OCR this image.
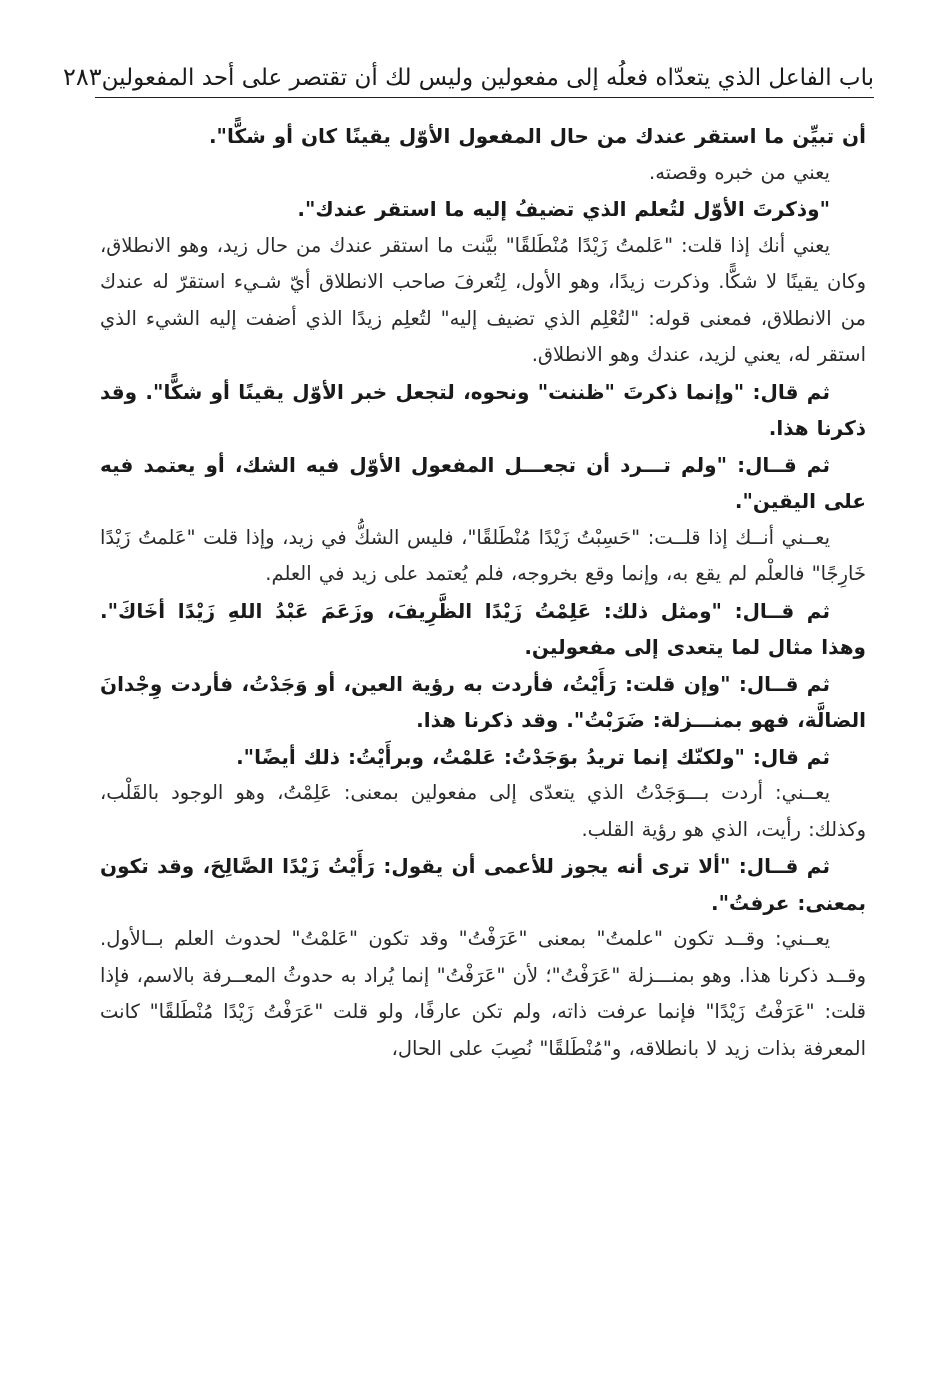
باب الفاعل الذي يتعدّاه فعلُه إلى مفعولين وليس لك أن تقتصر على أحد المفعولين
٢٨٣

أن تبيِّن ما استقر عندك من حال المفعول الأوّل يقينًا كان أو شكًّا".

يعني من خبره وقصته.

"وذكرتَ الأوّل لتُعلم الذي تضيفُ إليه ما استقر عندك".

يعني أنك إذا قلت: "عَلمتُ زَيْدًا مُنْطَلقًا" بيَّنت ما استقر عندك من حال زيد، وهو الانطلاق، وكان يقينًا لا شكًّا. وذكرت زيدًا، وهو الأول، لِتُعرفَ صاحب الانطلاق أيّ شـيء استقرّ له عندك من الانطلاق، فمعنى قوله: "لتُعْلِم الذي تضيف إليه" لتُعلِم زيدًا الذي أضفت إليه الشيء الذي استقر له، يعني لزيد، عندك وهو الانطلاق.

ثم قال: "وإنما ذكرتَ "ظننت" ونحوه، لتجعل خبر الأوّل يقينًا أو شكًّا". وقد ذكرنا هذا.

ثم قــال: "ولم تـــرد أن تجعـــل المفعول الأوّل فيه الشك، أو يعتمد فيه على اليقين".

يعــني أنــك إذا قلــت: "حَسِبْتُ زَيْدًا مُنْطَلقًا"، فليس الشكُّ في زيد، وإذا قلت "عَلمتُ زَيْدًا خَارِجًا" فالعلْم لم يقع به، وإنما وقع بخروجه، فلم يُعتمد على زيد في العلم.

ثم قــال: "ومثل ذلك: عَلِمْتُ زَيْدًا الظَّرِيفَ، وزَعَمَ عَبْدُ اللهِ زَيْدًا أخَاكَ". وهذا مثال لما يتعدى إلى مفعولين.

ثم قــال: "وإن قلت: رَأَيْتُ، فأردت به رؤية العين، أو وَجَدْتُ، فأردت وِجْدانَ الضالَّة، فهو بمنـــزلة: ضَرَبْتُ". وقد ذكرنا هذا.

ثم قال: "ولكنّك إنما تريدُ بوَجَدْتُ: عَلمْتُ، وبرأَيْتُ: ذلك أيضًا".

يعــني: أردت بـــوَجَدْتُ الذي يتعدّى إلى مفعولين بمعنى: عَلِمْتُ، وهو الوجود بالقَلْب، وكذلك: رأيت، الذي هو رؤية القلب.

ثم قــال: "ألا ترى أنه يجوز للأعمى أن يقول: رَأَيْتُ زَيْدًا الصَّالِحَ، وقد تكون بمعنى: عرفتُ".

يعــني: وقــد تكون "علمتُ" بمعنى "عَرَفْتُ" وقد تكون "عَلمْتُ" لحدوث العلم بــالأول. وقــد ذكرنا هذا. وهو بمنـــزلة "عَرَفْتُ"؛ لأن "عَرَفْتُ" إنما يُراد به حدوثُ المعــرفة بالاسم، فإذا قلت: "عَرَفْتُ زَيْدًا" فإنما عرفت ذاته، ولم تكن عارفًا، ولو قلت "عَرَفْتُ زَيْدًا مُنْطَلقًا" كانت المعرفة بذات زيد لا بانطلاقه، و"مُنْطَلقًا" نُصِبَ على الحال،
